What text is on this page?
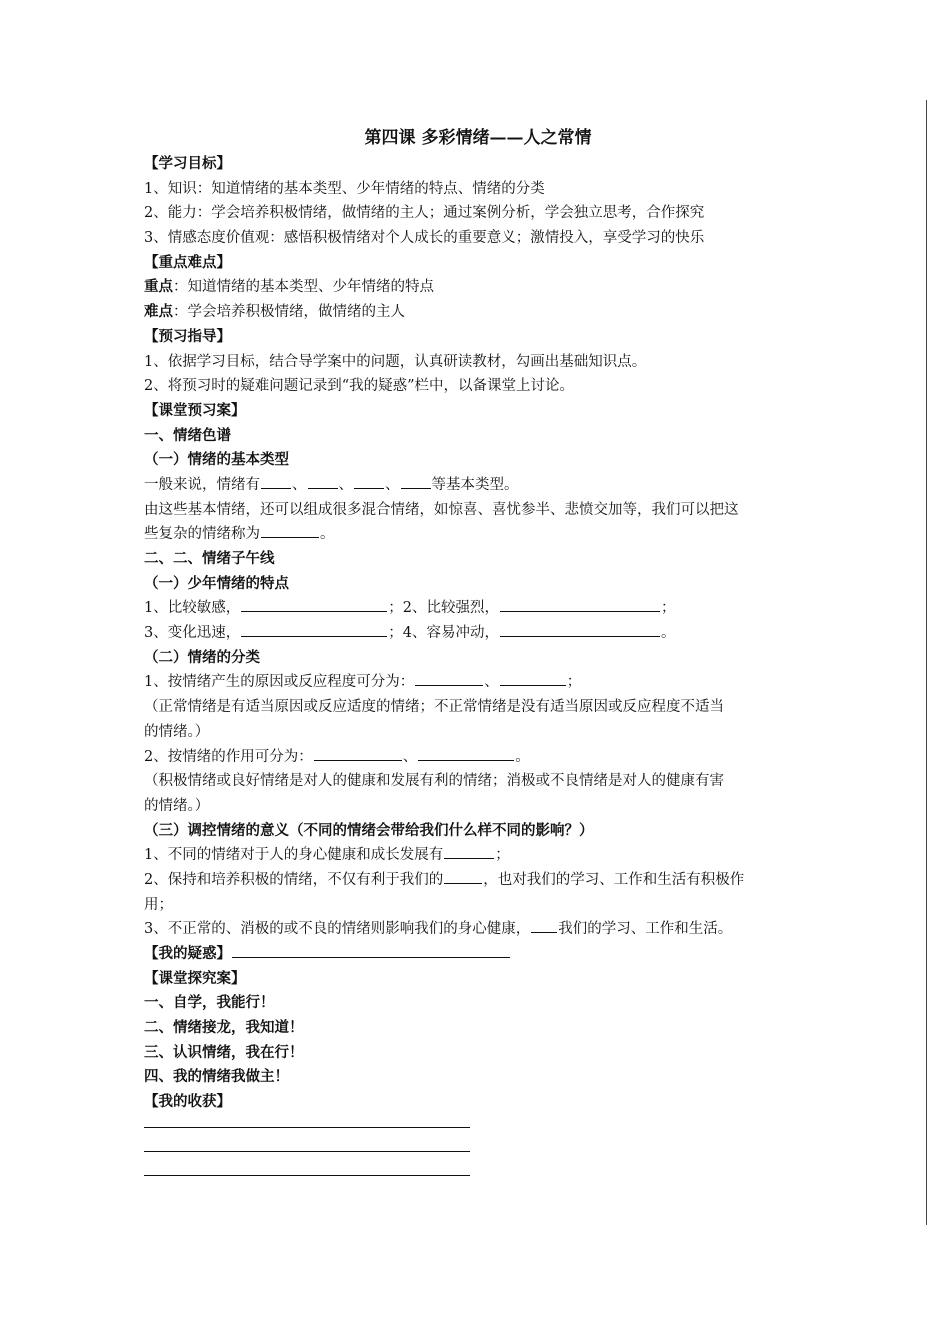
第四课 多彩情绪——人之常情
【学习目标】
1、知识：知道情绪的基本类型、少年情绪的特点、情绪的分类
2、能力：学会培养积极情绪，做情绪的主人；通过案例分析，学会独立思考，合作探究
3、情感态度价值观：感悟积极情绪对个人成长的重要意义；激情投入，享受学习的快乐
【重点难点】
重点：知道情绪的基本类型、少年情绪的特点
难点：学会培养积极情绪，做情绪的主人
【预习指导】
1、依据学习目标，结合导学案中的问题，认真研读教材，勾画出基础知识点。
2、将预习时的疑难问题记录到“我的疑惑”栏中，以备课堂上讨论。
【课堂预习案】
一、情绪色谱
（一）情绪的基本类型
一般来说，情绪有 、 、 、 等基本类型。
由这些基本情绪，还可以组成很多混合情绪，如惊喜、喜忧参半、悲愤交加等，我们可以把这
些复杂的情绪称为	。
二、二、情绪子午线
（一）少年情绪的特点
1、比较敏感，	；2、比较强烈，	；
3、变化迅速，	；4、容易冲动，	。
（二）情绪的分类
1、按情绪产生的原因或反应程度可分为：	、	；
（正常情绪是有适当原因或反应适度的情绪；不正常情绪是没有适当原因或反应程度不适当
的情绪。）
2、按情绪的作用可分为：	、	。
（积极情绪或良好情绪是对人的健康和发展有利的情绪；消极或不良情绪是对人的健康有害
的情绪。）
（三）调控情绪的意义（不同的情绪会带给我们什么样不同的影响？）
1、不同的情绪对于人的身心健康和成长发展有	；
2、保持和培养积极的情绪，不仅有利于我们的	，也对我们的学习、工作和生活有积极作
用；
3、不正常的、消极的或不良的情绪则影响我们的身心健康， 我们的学习、工作和生活。
【我的疑惑】
【课堂探究案】
一、自学，我能行！
二、情绪接龙，我知道！
三、认识情绪，我在行！
四、我的情绪我做主！
【我的收获】
